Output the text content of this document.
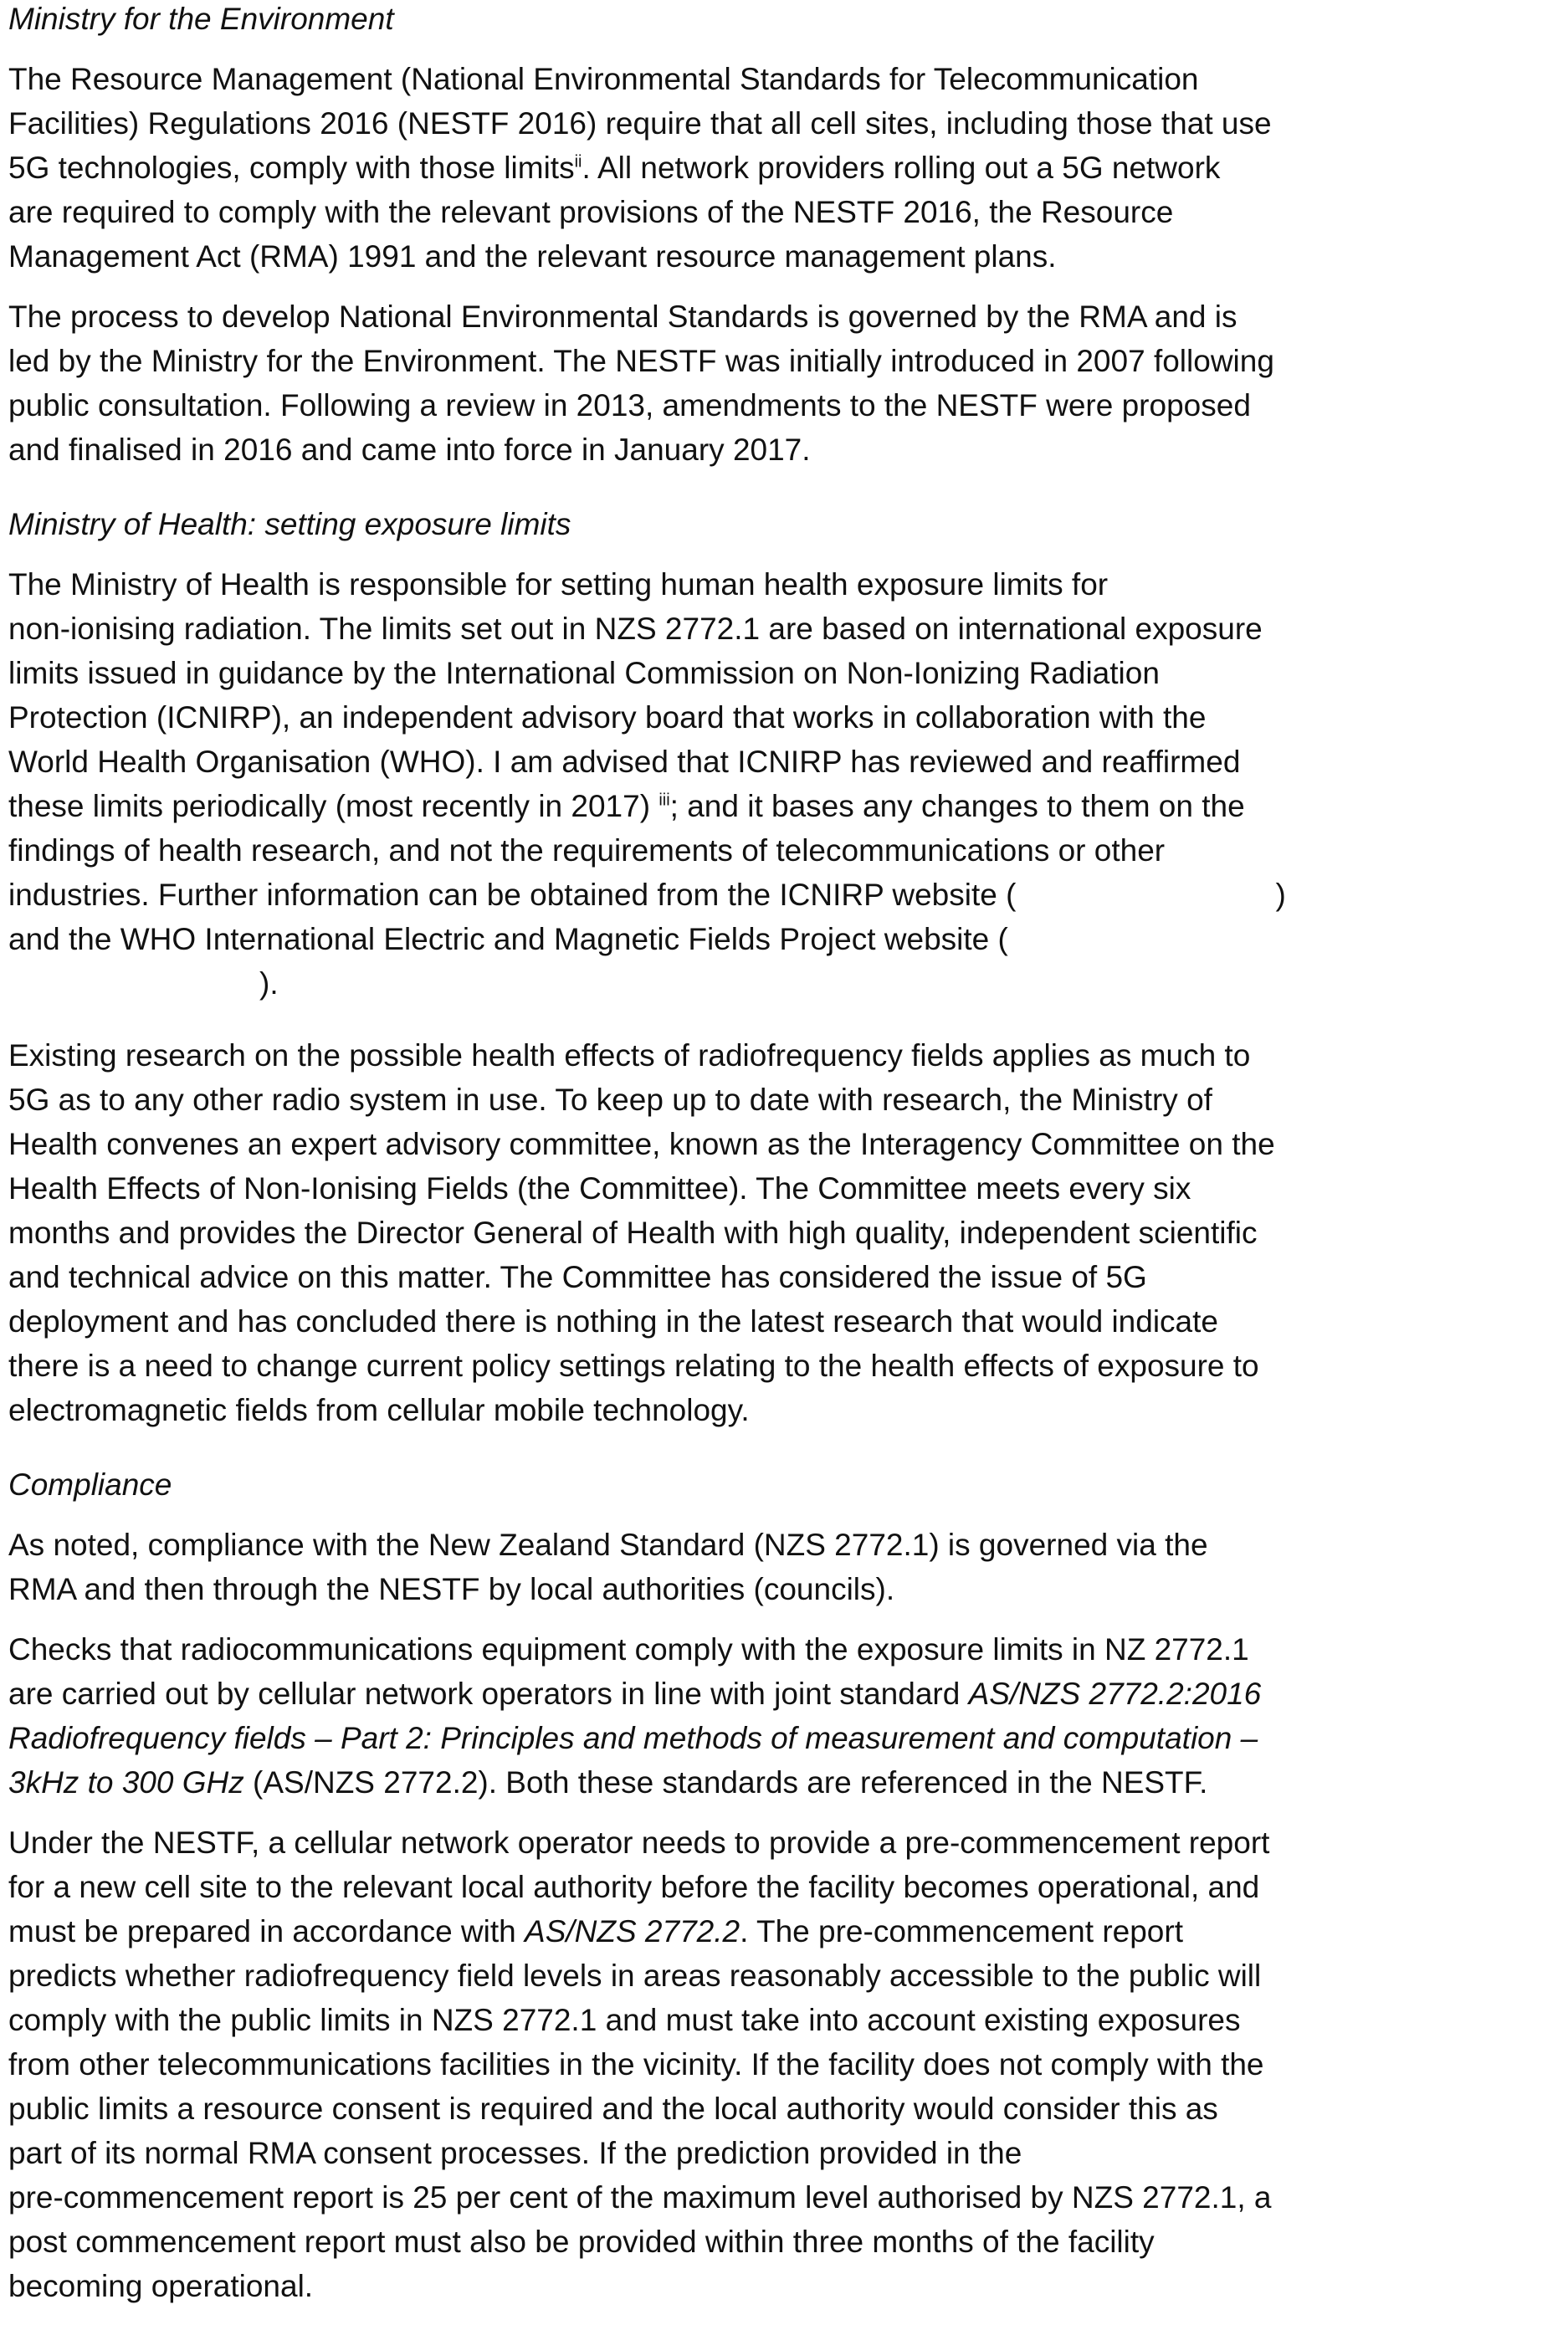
Ministry for the Environment
The Resource Management (National Environmental Standards for Telecommunication
Facilities) Regulations 2016 (NESTF 2016) require that all cell sites, including those that use
5G technologies, comply with those limits$^{ii}$. All network providers rolling out a 5G network
are required to comply with the relevant provisions of the NESTF 2016, the Resource
Management Act (RMA) 1991 and the relevant resource management plans.
The process to develop National Environmental Standards is governed by the RMA and is
led by the Ministry for the Environment. The NESTF was initially introduced in 2007 following
public consultation. Following a review in 2013, amendments to the NESTF were proposed
and finalised in 2016 and came into force in January 2017.
Ministry of Health: setting exposure limits
The Ministry of Health is responsible for setting human health exposure limits for
non-ionising radiation. The limits set out in NZS 2772.1 are based on international exposure
limits issued in guidance by the International Commission on Non-Ionizing Radiation
Protection (ICNIRP), an independent advisory board that works in collaboration with the
World Health Organisation (WHO). I am advised that ICNIRP has reviewed and reaffirmed
these limits periodically (most recently in 2017) $^{iii}$; and it bases any changes to them on the
findings of health research, and not the requirements of telecommunications or other
industries. Further information can be obtained from the ICNIRP website (	)
and the WHO International Electric and Magnetic Fields Project website (
).
Existing research on the possible health effects of radiofrequency fields applies as much to
5G as to any other radio system in use. To keep up to date with research, the Ministry of
Health convenes an expert advisory committee, known as the Interagency Committee on the
Health Effects of Non-Ionising Fields (the Committee). The Committee meets every six
months and provides the Director General of Health with high quality, independent scientific
and technical advice on this matter. The Committee has considered the issue of 5G
deployment and has concluded there is nothing in the latest research that would indicate
there is a need to change current policy settings relating to the health effects of exposure to
electromagnetic fields from cellular mobile technology.
Compliance
As noted, compliance with the New Zealand Standard (NZS 2772.1) is governed via the
RMA and then through the NESTF by local authorities (councils).
Checks that radiocommunications equipment comply with the exposure limits in NZ 2772.1
are carried out by cellular network operators in line with joint standard AS/NZS 2772.2:2016
Radiofrequency fields – Part 2: Principles and methods of measurement and computation –
3kHz to 300 GHz (AS/NZS 2772.2). Both these standards are referenced in the NESTF.
Under the NESTF, a cellular network operator needs to provide a pre-commencement report
for a new cell site to the relevant local authority before the facility becomes operational, and
must be prepared in accordance with AS/NZS 2772.2. The pre-commencement report
predicts whether radiofrequency field levels in areas reasonably accessible to the public will
comply with the public limits in NZS 2772.1 and must take into account existing exposures
from other telecommunications facilities in the vicinity. If the facility does not comply with the
public limits a resource consent is required and the local authority would consider this as
part of its normal RMA consent processes. If the prediction provided in the
pre-commencement report is 25 per cent of the maximum level authorised by NZS 2772.1, a
post commencement report must also be provided within three months of the facility
becoming operational.
